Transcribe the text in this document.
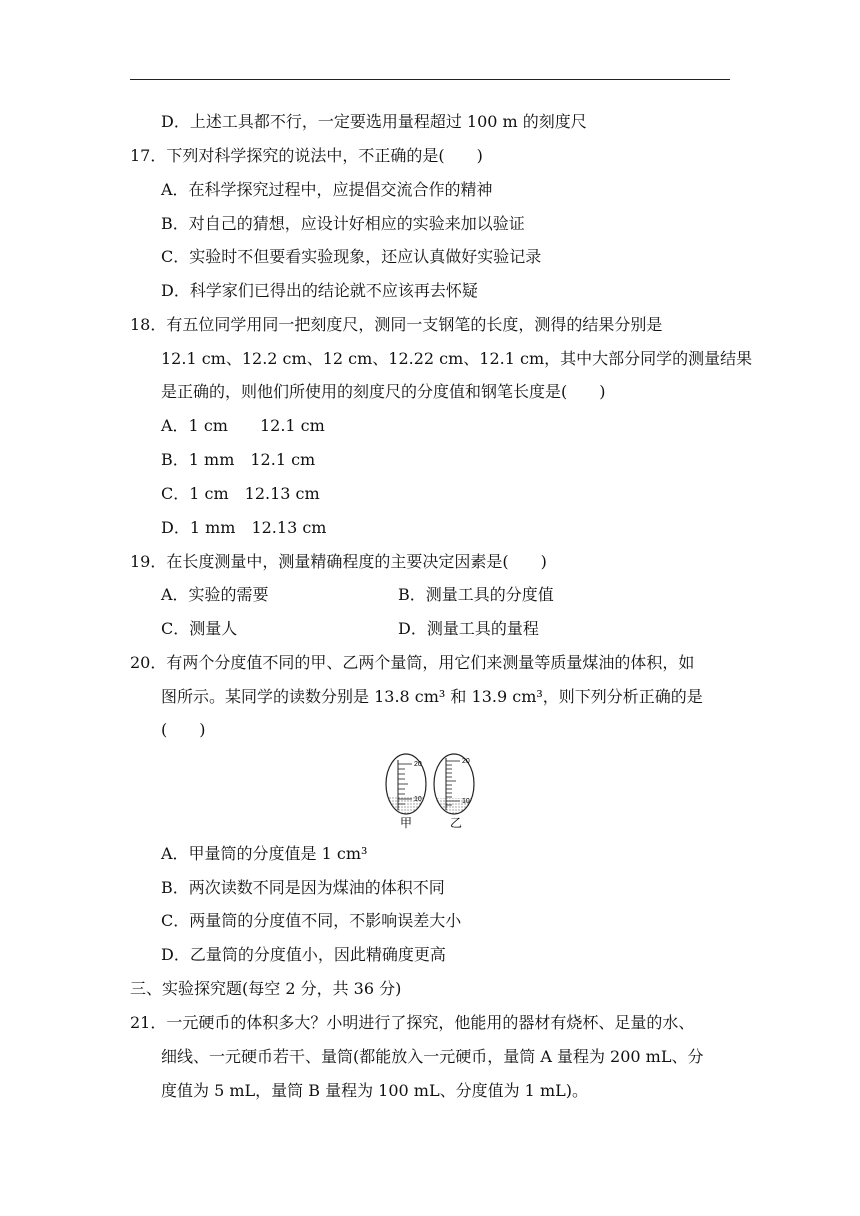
D．上述工具都不行，一定要选用量程超过 100 m 的刻度尺
17．下列对科学探究的说法中，不正确的是(　　)
A．在科学探究过程中，应提倡交流合作的精神
B．对自己的猜想，应设计好相应的实验来加以验证
C．实验时不但要看实验现象，还应认真做好实验记录
D．科学家们已得出的结论就不应该再去怀疑
18．有五位同学用同一把刻度尺，测同一支钢笔的长度，测得的结果分别是
12.1 cm、12.2 cm、12 cm、12.22 cm、12.1 cm，其中大部分同学的测量结果
是正确的，则他们所使用的刻度尺的分度值和钢笔长度是(　　)
A．1 cm　　12.1 cm
B．1 mm　12.1 cm
C．1 cm　12.13 cm
D．1 mm　12.13 cm
19．在长度测量中，测量精确程度的主要决定因素是(　　)
A．实验的需要	B．测量工具的分度值
C．测量人	D．测量工具的量程
20．有两个分度值不同的甲、乙两个量筒，用它们来测量等质量煤油的体积，如
图所示。某同学的读数分别是 13.8 cm³ 和 13.9 cm³，则下列分析正确的是
(　　)
20
10
20
10
甲	乙
A．甲量筒的分度值是 1 cm³
B．两次读数不同是因为煤油的体积不同
C．两量筒的分度值不同，不影响误差大小
D．乙量筒的分度值小，因此精确度更高
三、实验探究题(每空 2 分，共 36 分)
21．一元硬币的体积多大？小明进行了探究，他能用的器材有烧杯、足量的水、
细线、一元硬币若干、量筒(都能放入一元硬币，量筒 A 量程为 200 mL、分
度值为 5 mL，量筒 B 量程为 100 mL、分度值为 1 mL)。
